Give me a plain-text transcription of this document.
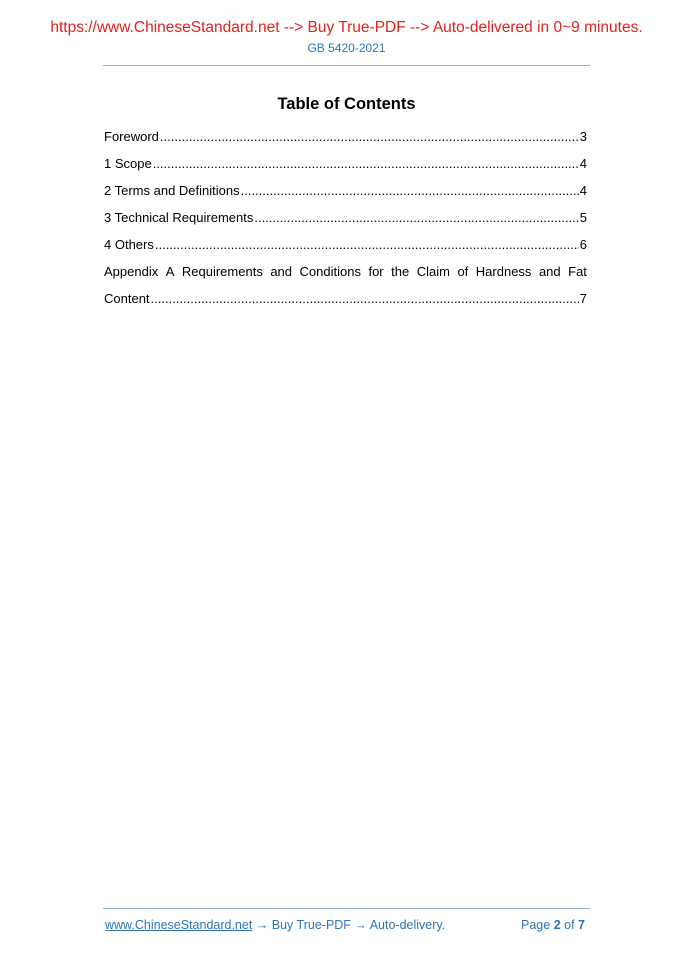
https://www.ChineseStandard.net --> Buy True-PDF --> Auto-delivered in 0~9 minutes.
GB 5420-2021
Table of Contents
Foreword .....	3
1 Scope .....	4
2 Terms and Definitions .....	4
3 Technical Requirements .....	5
4 Others .....	6
Appendix A Requirements and Conditions for the Claim of Hardness and Fat
Content .....	7
www.ChineseStandard.net → Buy True-PDF → Auto-delivery.	Page 2 of 7
